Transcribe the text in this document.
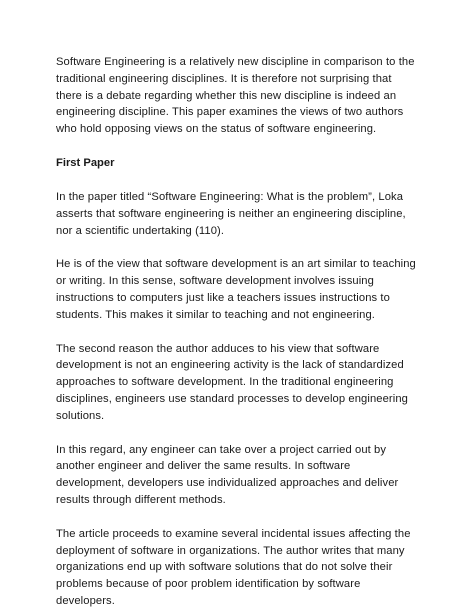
Software Engineering is a relatively new discipline in comparison to the traditional engineering disciplines. It is therefore not surprising that there is a debate regarding whether this new discipline is indeed an engineering discipline. This paper examines the views of two authors who hold opposing views on the status of software engineering.

First Paper

In the paper titled “Software Engineering: What is the problem”, Loka asserts that software engineering is neither an engineering discipline, nor a scientific undertaking (110).

He is of the view that software development is an art similar to teaching or writing. In this sense, software development involves issuing instructions to computers just like a teachers issues instructions to students. This makes it similar to teaching and not engineering.

The second reason the author adduces to his view that software development is not an engineering activity is the lack of standardized approaches to software development. In the traditional engineering disciplines, engineers use standard processes to develop engineering solutions.

In this regard, any engineer can take over a project carried out by another engineer and deliver the same results. In software development, developers use individualized approaches and deliver results through different methods.

The article proceeds to examine several incidental issues affecting the deployment of software in organizations. The author writes that many organizations end up with software solutions that do not solve their problems because of poor problem identification by software developers.
